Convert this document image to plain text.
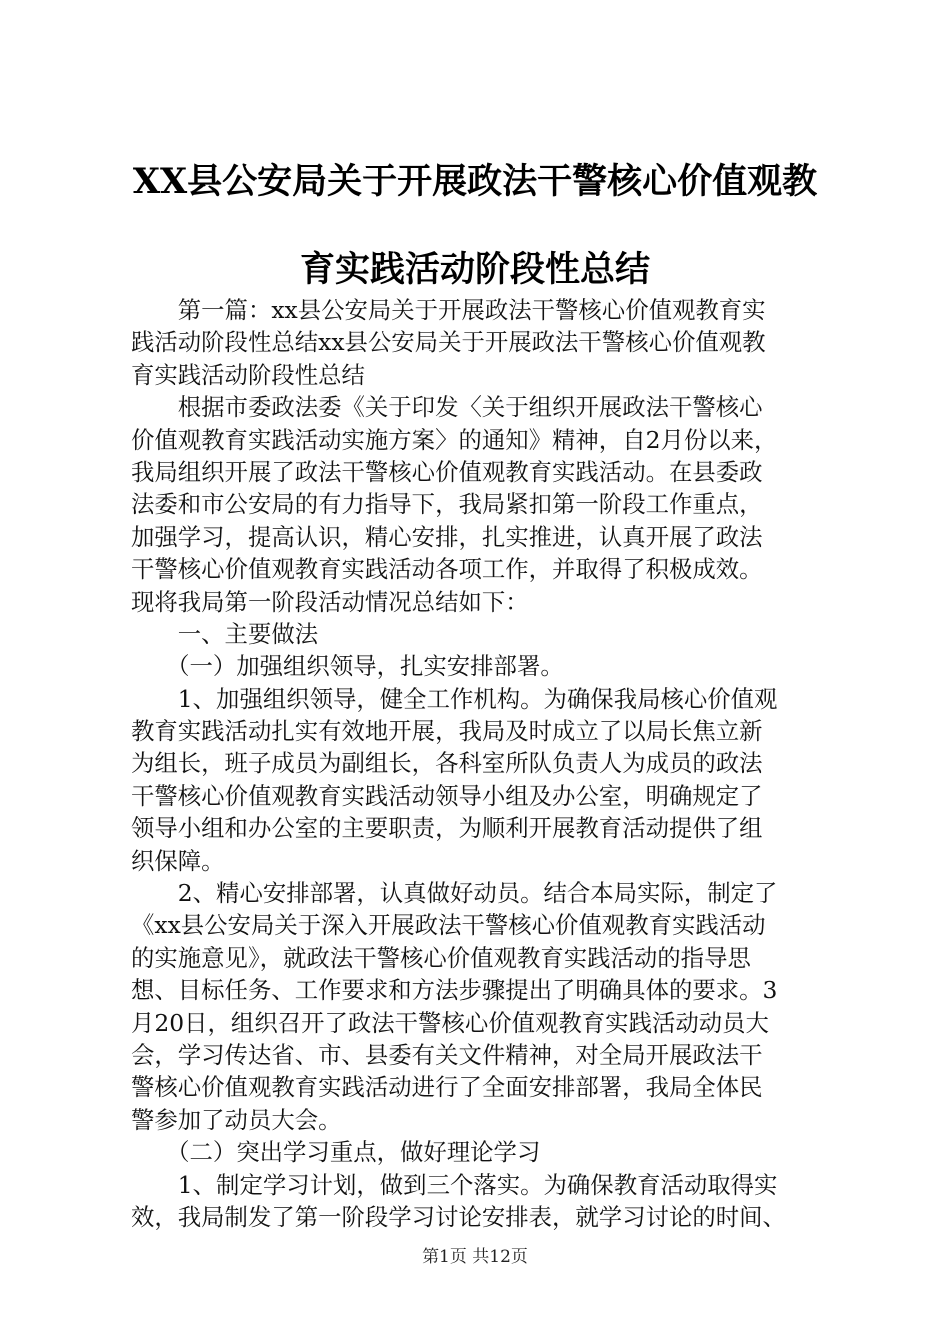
XX县公安局关于开展政法干警核心价值观教
育实践活动阶段性总结
　　第一篇：xx县公安局关于开展政法干警核心价值观教育实
践活动阶段性总结xx县公安局关于开展政法干警核心价值观教
育实践活动阶段性总结
　　根据市委政法委《关于印发〈关于组织开展政法干警核心
价值观教育实践活动实施方案〉的通知》精神，自2月份以来，
我局组织开展了政法干警核心价值观教育实践活动。在县委政
法委和市公安局的有力指导下，我局紧扣第一阶段工作重点，
加强学习，提高认识，精心安排，扎实推进，认真开展了政法
干警核心价值观教育实践活动各项工作，并取得了积极成效。
现将我局第一阶段活动情况总结如下：
　　一、主要做法
　　（一）加强组织领导，扎实安排部署。
　　1、加强组织领导，健全工作机构。为确保我局核心价值观
教育实践活动扎实有效地开展，我局及时成立了以局长焦立新
为组长，班子成员为副组长，各科室所队负责人为成员的政法
干警核心价值观教育实践活动领导小组及办公室，明确规定了
领导小组和办公室的主要职责，为顺利开展教育活动提供了组
织保障。
　　2、精心安排部署，认真做好动员。结合本局实际，制定了
《xx县公安局关于深入开展政法干警核心价值观教育实践活动
的实施意见》，就政法干警核心价值观教育实践活动的指导思
想、目标任务、工作要求和方法步骤提出了明确具体的要求。3
月20日，组织召开了政法干警核心价值观教育实践活动动员大
会，学习传达省、市、县委有关文件精神，对全局开展政法干
警核心价值观教育实践活动进行了全面安排部署，我局全体民
警参加了动员大会。
　　（二）突出学习重点，做好理论学习
　　1、制定学习计划，做到三个落实。为确保教育活动取得实
效，我局制发了第一阶段学习讨论安排表，就学习讨论的时间、
第1页 共12页
